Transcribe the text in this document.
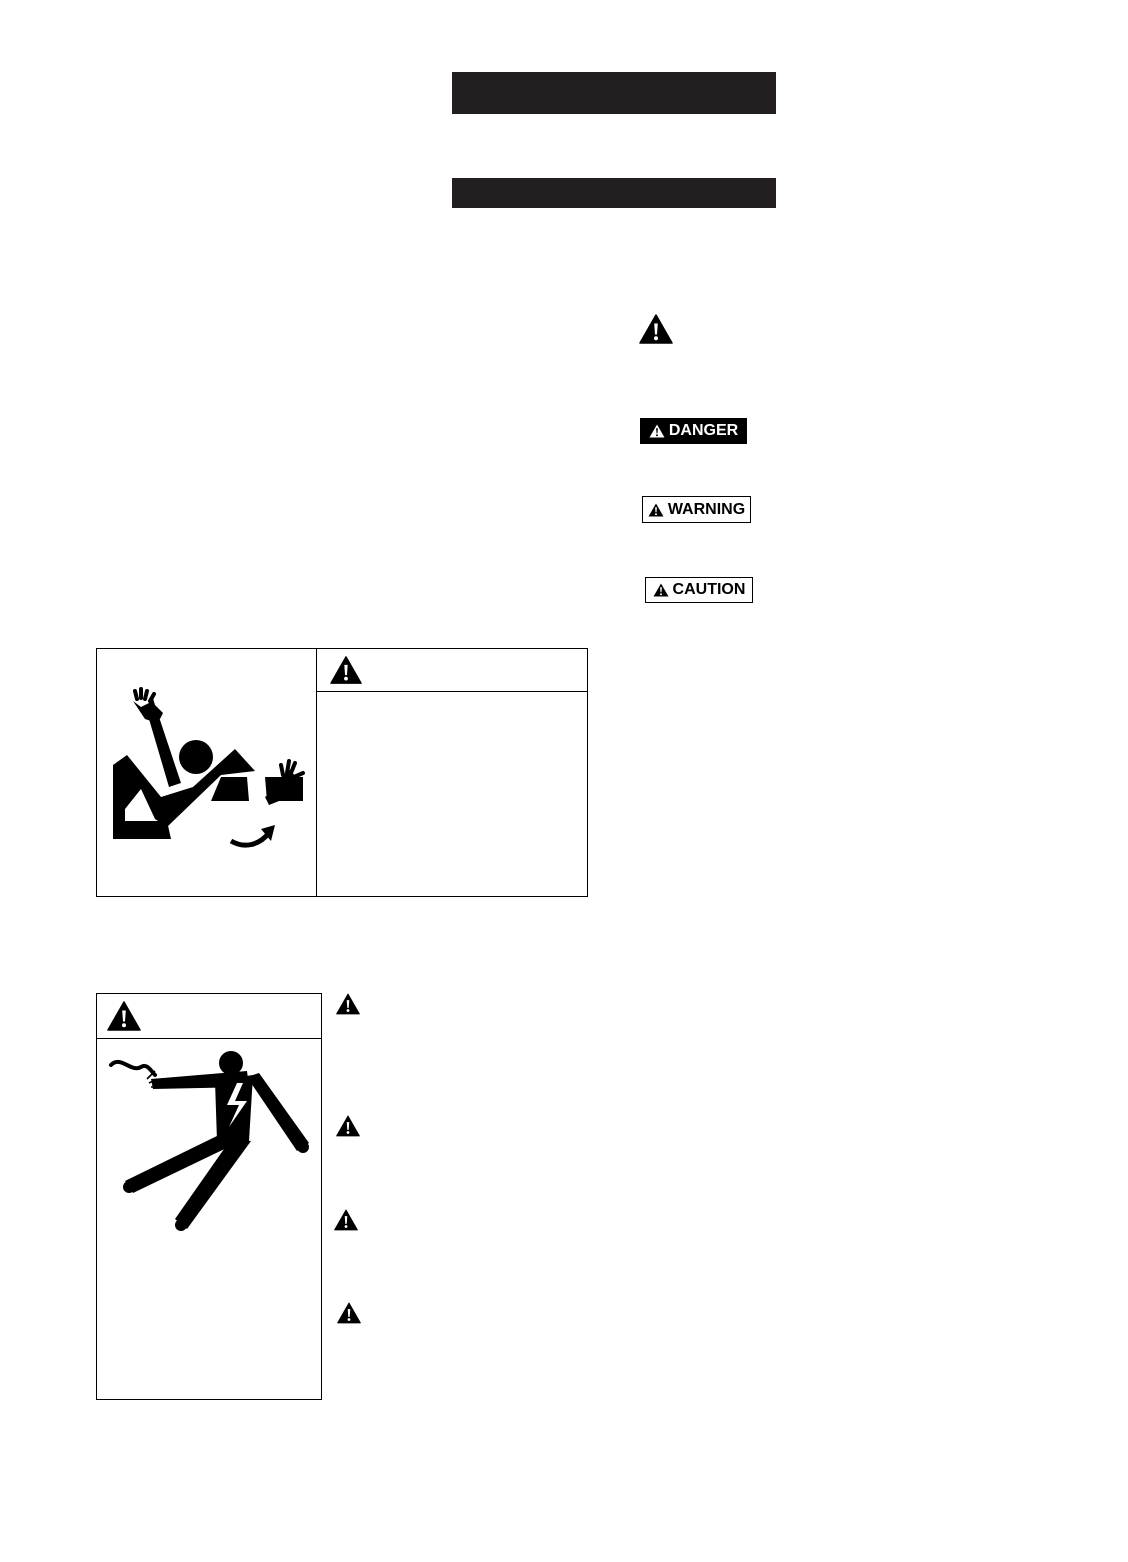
DANGER
WARNING
CAUTION
